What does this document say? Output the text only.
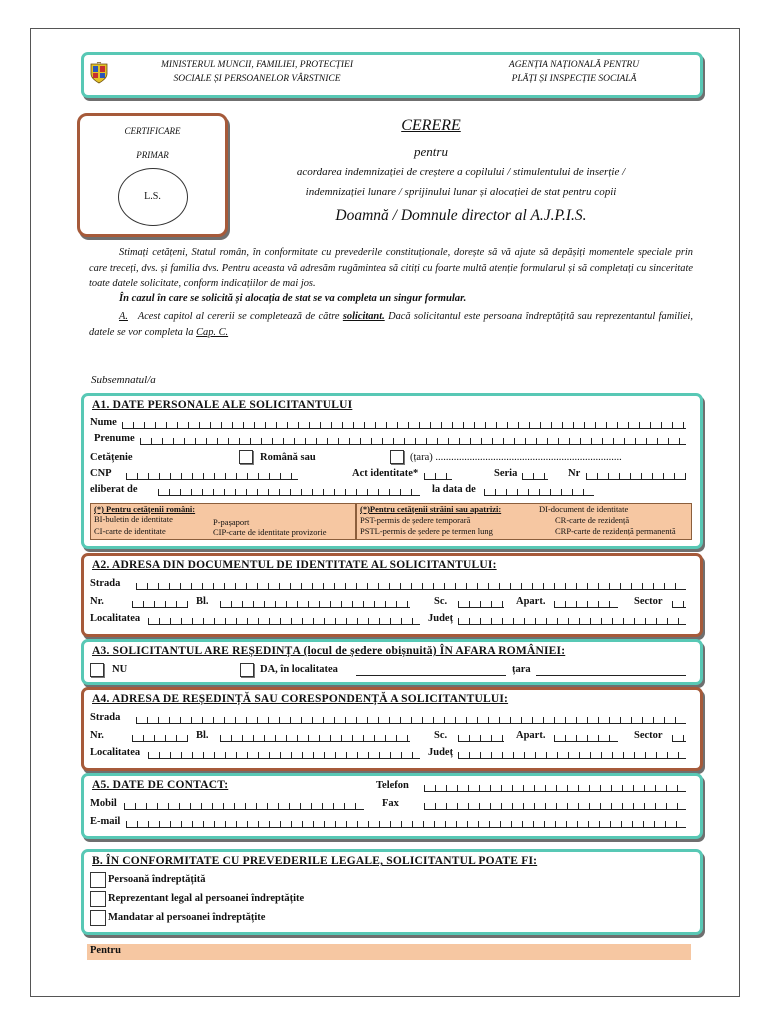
MINISTERUL MUNCII, FAMILIEI, PROTECȚIEI
SOCIALE ȘI PERSOANELOR VÂRSTNICE
AGENȚIA NAȚIONALĂ PENTRU
PLĂȚI ȘI INSPECȚIE SOCIALĂ
CERTIFICARE
PRIMAR
L.S.
CERERE
pentru
acordarea indemnizației de creștere a copilului / stimulentului de inserție /
indemnizației lunare / sprijinului lunar și alocației de stat pentru copii
Doamnă / Domnule director al A.J.P.I.S.
Stimați cetățeni, Statul român, în conformitate cu prevederile constituționale, dorește să vă ajute să depășiți momentele speciale prin care treceți, dvs. și familia dvs. Pentru aceasta vă adresăm rugămintea să citiți cu foarte multă atenție formularul și să completați cu sinceritate toate datele solicitate, conform indicațiilor de mai jos.
În cazul în care se solicită și alocația de stat se va completa un singur formular.
A. Acest capitol al cererii se completează de către solicitant. Dacă solicitantul este persoana îndreptățită sau reprezentantul familiei, datele se vor completa la Cap. C.
Subsemnatul/a
A1. DATE PERSONALE ALE SOLICITANTULUI
Nume
Prenume
Cetățenie	Română sau	(țara) .......................................................................
CNP	Act identitate*	Seria	Nr
eliberat de	la data de
(*) Pentru cetățenii români:
BI-buletin de identitate	P-pașaport
CI-carte de identitate	CIP-carte de identitate provizorie
(*)Pentru cetățenii străini sau apatrizi:	DI-document de identitate
PST-permis de ședere temporară	CR-carte de rezidență
PSTL-permis de ședere pe termen lung	CRP-carte de rezidență permanentă
A2. ADRESA DIN DOCUMENTUL DE IDENTITATE AL SOLICITANTULUI:
Strada
Nr.	Bl.	Sc.	Apart.	Sector
Localitatea	Județ
A3. SOLICITANTUL ARE REȘEDINȚA (locul de ședere obișnuită) ÎN AFARA ROMÂNIEI:
NU	DA, în localitatea	țara
A4. ADRESA DE REȘEDINȚĂ SAU CORESPONDENȚĂ A SOLICITANTULUI:
Strada
Nr.	Bl.	Sc.	Apart.	Sector
Localitatea	Județ
A5. DATE DE CONTACT:	Telefon
Mobil	Fax
E-mail
B. ÎN CONFORMITATE CU PREVEDERILE LEGALE, SOLICITANTUL POATE FI:
Persoană îndreptățită
Reprezentant legal al persoanei îndreptățite
Mandatar al persoanei îndreptățite
Pentru
